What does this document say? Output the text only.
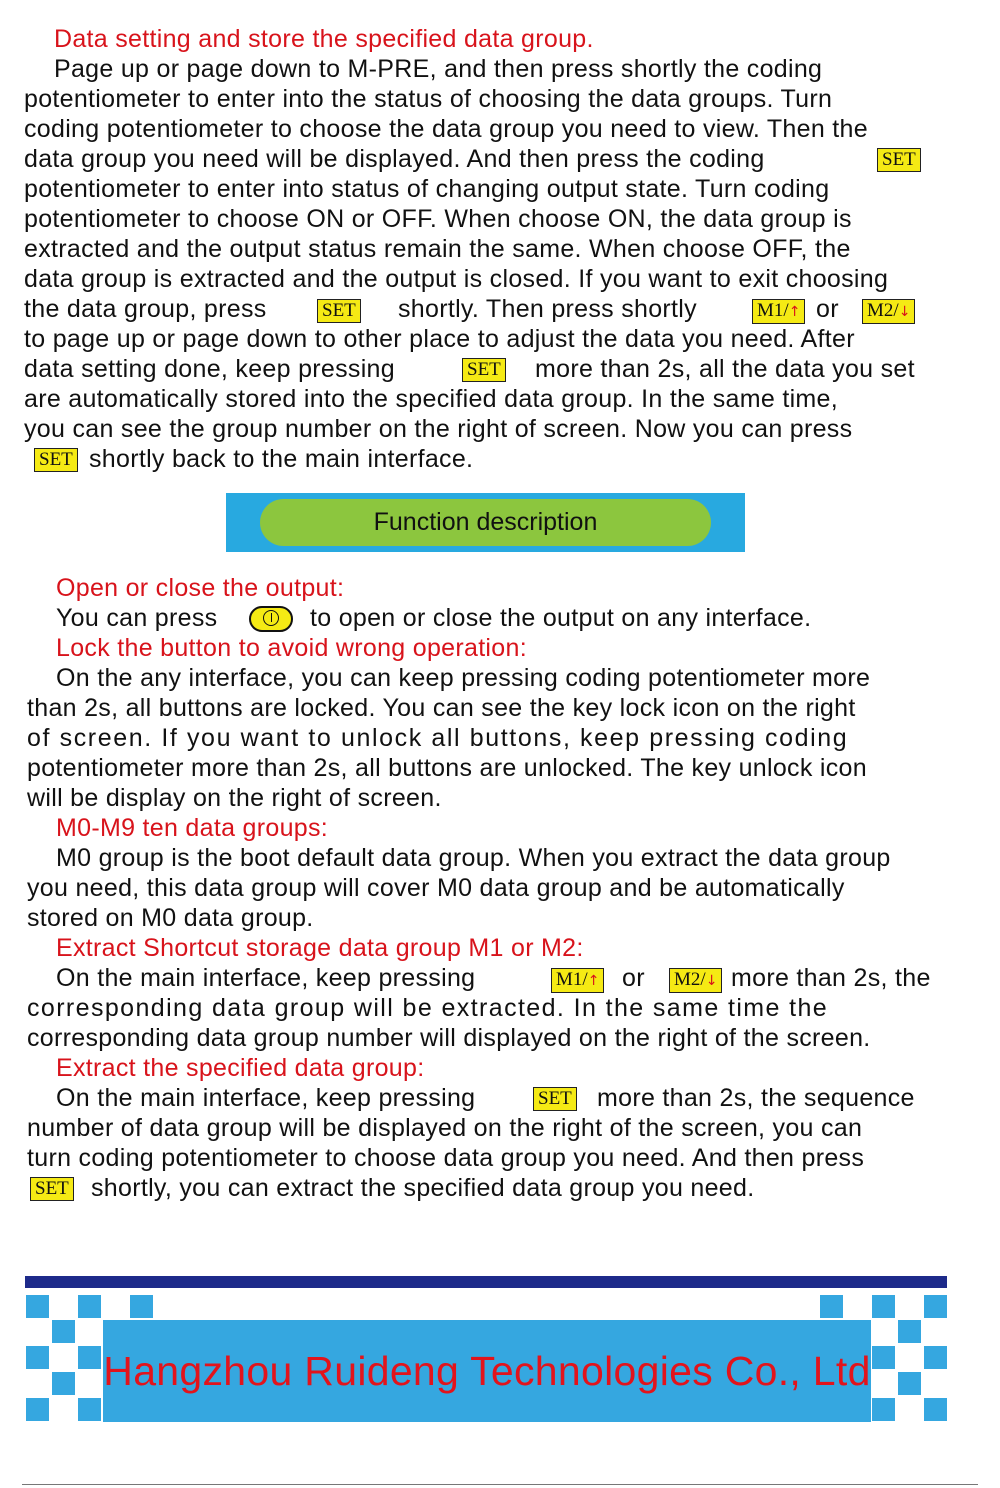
Data setting and store the specified data group.
Page up or page down to M-PRE, and then press shortly the coding
potentiometer to enter into the status of choosing the data groups. Turn
coding potentiometer to choose the data group you need to view. Then the
data group you need will be displayed. And then press the coding	SET
potentiometer to enter into status of changing output state. Turn coding
potentiometer to choose ON or OFF. When choose ON, the data group is
extracted and the output status remain the same. When choose OFF, the
data group is extracted and the output is closed. If you want to exit choosing
the data group, press	SET shortly. Then press shortly	M1/↑ or M2/↓
to page up or page down to other place to adjust the data you need. After
data setting done, keep pressing	SET more than 2s, all the data you set
are automatically stored into the specified data group. In the same time,
you can see the group number on the right of screen. Now you can press
SET shortly back to the main interface.
Function description
Open or close the output:
You can press	to open or close the output on any interface.
Lock the button to avoid wrong operation:
On the any interface, you can keep pressing coding potentiometer more
than 2s, all buttons are locked. You can see the key lock icon on the right
of screen. If you want to unlock all buttons, keep pressing coding
potentiometer more than 2s, all buttons are unlocked. The key unlock icon
will be display on the right of screen.
M0-M9 ten data groups:
M0 group is the boot default data group. When you extract the data group
you need, this data group will cover M0 data group and be automatically
stored on M0 data group.
Extract Shortcut storage data group M1 or M2:
On the main interface, keep pressing	M1/↑ or M2/↓ more than 2s, the
corresponding data group will be extracted. In the same time the
corresponding data group number will displayed on the right of the screen.
Extract the specified data group:
On the main interface, keep pressing	SET more than 2s, the sequence
number of data group will be displayed on the right of the screen, you can
turn coding potentiometer to choose data group you need. And then press
SET shortly, you can extract the specified data group you need.
Hangzhou Ruideng Technologies Co., Ltd
